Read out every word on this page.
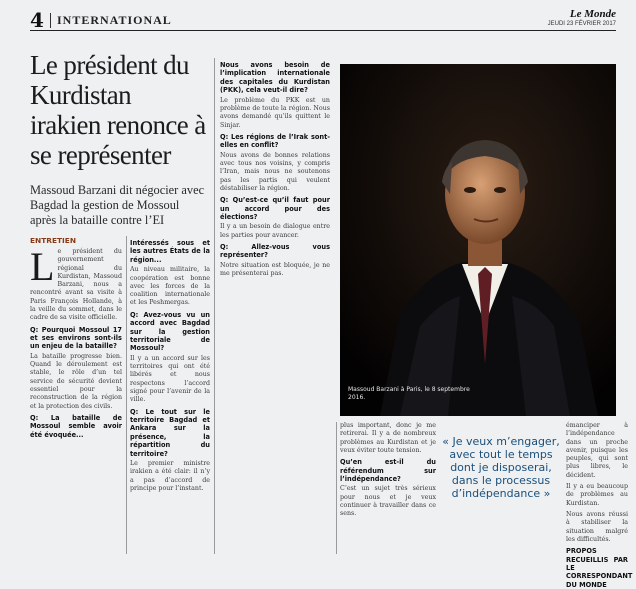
4	INTERNATIONAL	Le Monde
JEUDI 23 FÉVRIER 2017
Le président du Kurdistan irakien renonce à se représenter

Massoud Barzani dit négocier avec Bagdad la gestion de Mossoul après la bataille contre l’EI

ENTRETIEN

L e président du gouvernement régional du Kurdistan, Massoud Barzani, nous a rencontré avant sa visite à Paris François Hollande, à la veille du sommet, dans le cadre de sa visite officielle.

Q: Pourquoi Mossoul 17 et ses environs sont-ils un enjeu de la bataille?

La bataille progresse bien. Quand le déroulement est stable, le rôle d’un tel service de sécurité devient essentiel pour la reconstruction de la région et la protection des civils.

Q: La bataille de Mossoul semble avoir été évoquée...

Intéressés sous et les autres États de la région...

Au niveau militaire, la coopération est bonne avec les forces de la coalition internationale et les Peshmergas.

Q: Avez-vous vu un accord avec Bagdad sur la gestion territoriale de Mossoul?

Il y a un accord sur les territoires qui ont été libérés et nous respectons l’accord signé pour l’avenir de la ville.

Q: Le tout sur le territoire Bagdad et Ankara sur la présence, la répartition du territoire?

Le premier ministre irakien a été clair: il n’y a pas d’accord de principe pour l’instant.

Nous avons besoin de l’implication internationale des capitales du Kurdistan (PKK), cela veut-il dire?

Le problème du PKK est un problème de toute la région. Nous avons demandé qu’ils quittent le Sinjar.

Q: Les régions de l’Irak sont-elles en conflit?

Nous avons de bonnes relations avec tous nos voisins, y compris l’Iran, mais nous ne soutenons pas les partis qui veulent déstabiliser la région.

Q: Qu’est-ce qu’il faut pour un accord pour des élections?

Il y a un besoin de dialogue entre les parties pour avancer.

Q: Allez-vous vous représenter?

Notre situation est bloquée, je ne me présenterai pas.

Massoud Barzani à Paris, le 8 septembre 2016.

plus important, donc je me retirerai. Il y a de nombreux problèmes au Kurdistan et je veux éviter toute tension.

Qu’en est-il du référendum sur l’indépendance?

C’est un sujet très sérieux pour nous et je veux continuer à travailler dans ce sens.

« Je veux m’engager, avec tout le temps dont je disposerai, dans le processus d’indépendance »

émanciper à l’indépendance dans un proche avenir, puisque les peuples, qui sont plus libres, le décident.

Il y a eu beaucoup de problèmes au Kurdistan.

Nous avons réussi à stabiliser la situation malgré les difficultés.

PROPOS RECUEILLIS PAR LE CORRESPONDANT DU MONDE
